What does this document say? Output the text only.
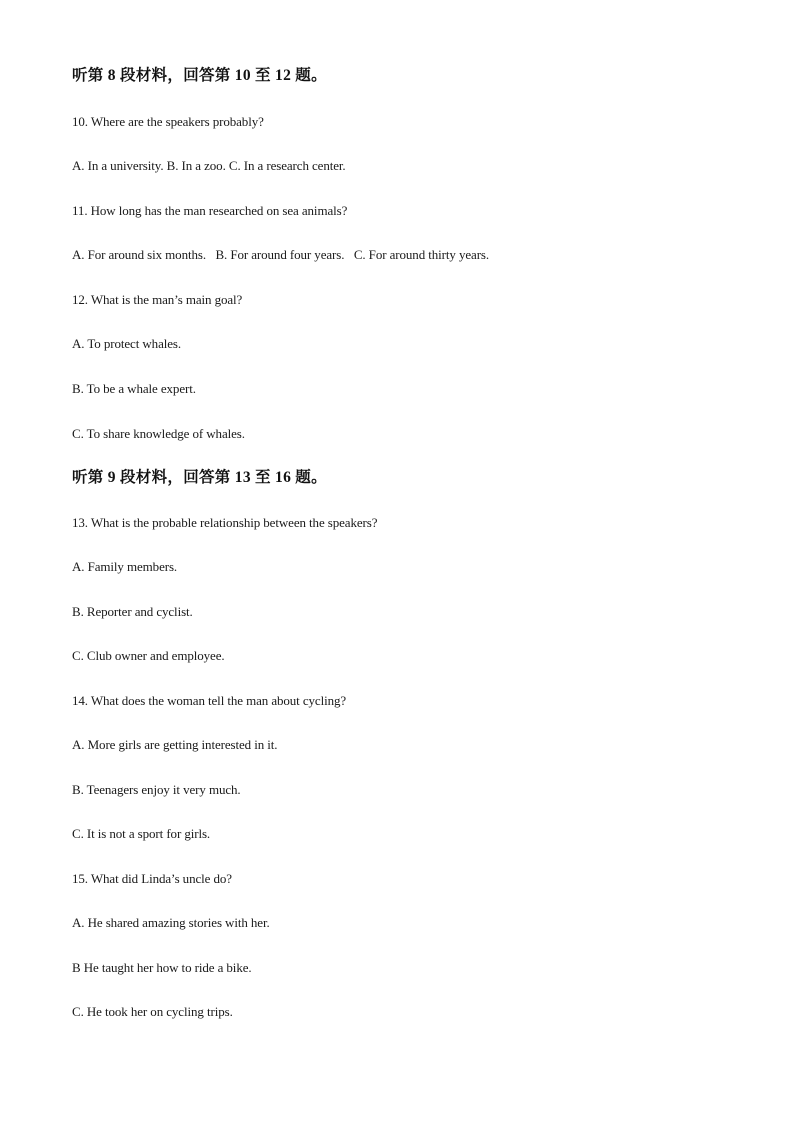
听第 8 段材料，回答第 10 至 12 题。
10. Where are the speakers probably?
A. In a university. B. In a zoo. C. In a research center.
11. How long has the man researched on sea animals?
A. For around six months.   B. For around four years.   C. For around thirty years.
12. What is the man’s main goal?
A. To protect whales.
B. To be a whale expert.
C. To share knowledge of whales.
听第 9 段材料，回答第 13 至 16 题。
13. What is the probable relationship between the speakers?
A. Family members.
B. Reporter and cyclist.
C. Club owner and employee.
14. What does the woman tell the man about cycling?
A. More girls are getting interested in it.
B. Teenagers enjoy it very much.
C. It is not a sport for girls.
15. What did Linda’s uncle do?
A. He shared amazing stories with her.
B He taught her how to ride a bike.
C. He took her on cycling trips.
